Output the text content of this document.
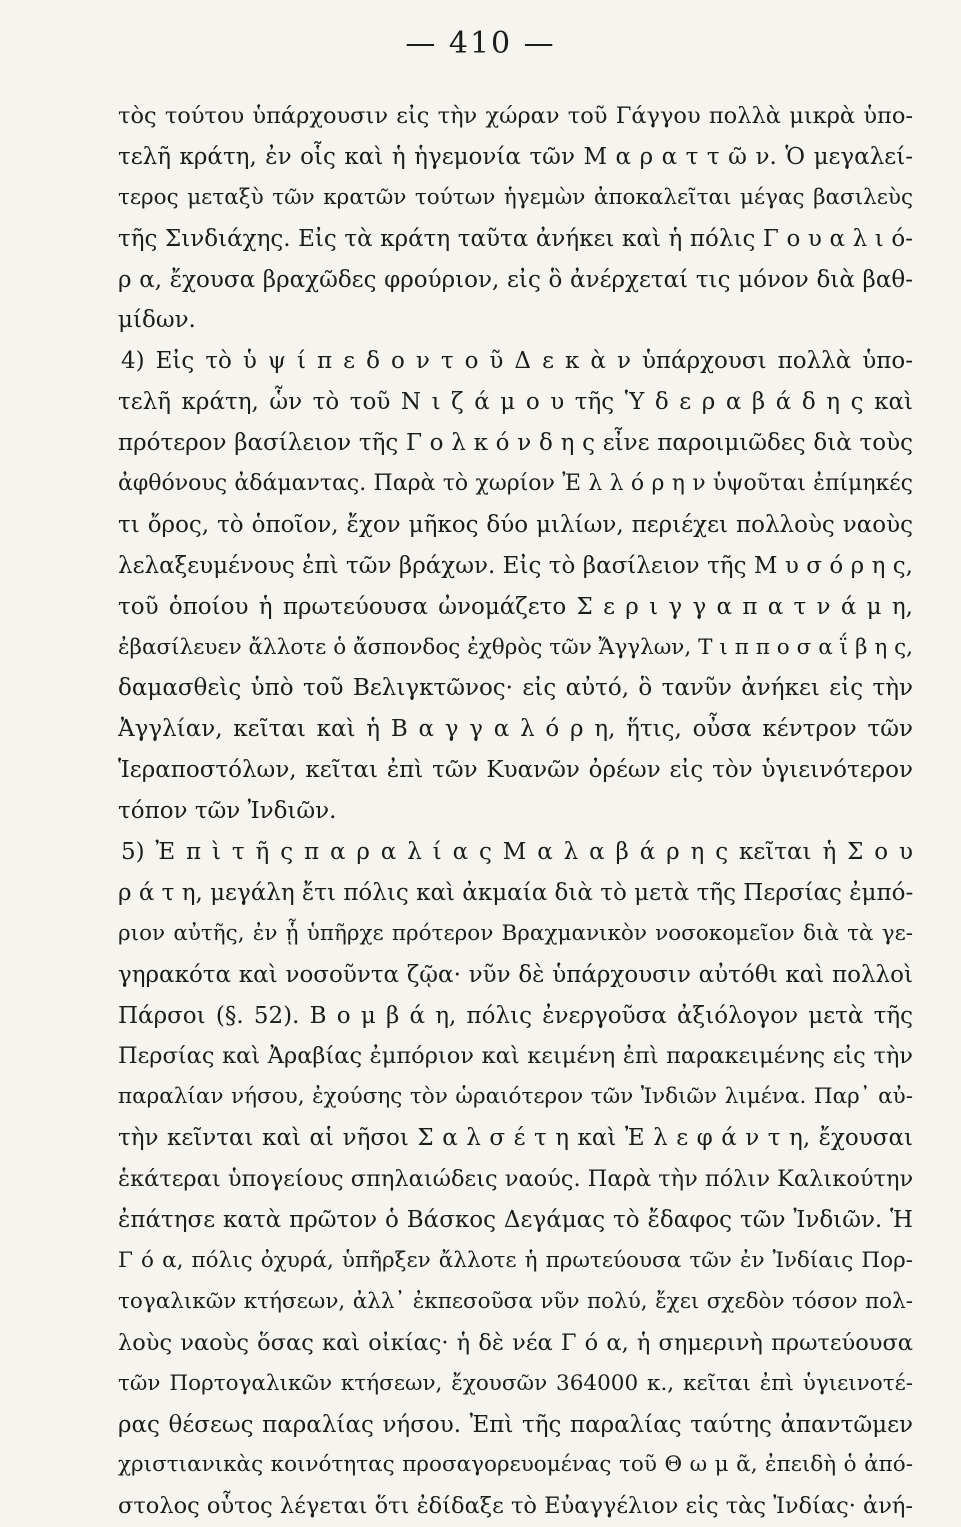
— 410 —
τὸς τούτου ὑπάρχουσιν εἰς τὴν χώραν τοῦ Γάγγου πολλὰ μικρὰ ὑπο-
τελῆ κράτη, ἐν οἷς καὶ ἡ ἡγεμονία τῶν Μ α ρ α τ τ ῶ ν. Ὁ μεγαλεί-
τερος μεταξὺ τῶν κρατῶν τούτων ἡγεμὼν ἀποκαλεῖται μέγας βασιλεὺς
τῆς Σινδιάχης. Εἰς τὰ κράτη ταῦτα ἀνήκει καὶ ἡ πόλις Γ ο υ α λ ι ό-
ρ α, ἔχουσα βραχῶδες φρούριον, εἰς ὃ ἀνέρχεταί τις μόνον διὰ βαθ-
μίδων.
4) Εἰς τὸ ὑ ψ ί π ε δ ο ν τ ο ῦ Δ ε κ ὰ ν ὑπάρχουσι πολλὰ ὑπο-
τελῆ κράτη, ὧν τὸ τοῦ Ν ι ζ ά μ ο υ τῆς Ὑ δ ε ρ α β ά δ η ς καὶ
πρότερον βασίλειον τῆς Γ ο λ κ ό ν δ η ς εἶνε παροιμιῶδες διὰ τοὺς
ἀφθόνους ἀδάμαντας. Παρὰ τὸ χωρίον Ἐ λ λ ό ρ η ν ὑψοῦται ἐπίμηκές
τι ὄρος, τὸ ὁποῖον, ἔχον μῆκος δύο μιλίων, περιέχει πολλοὺς ναοὺς
λελαξευμένους ἐπὶ τῶν βράχων. Εἰς τὸ βασίλειον τῆς Μ υ σ ό ρ η ς,
τοῦ ὁποίου ἡ πρωτεύουσα ὠνομάζετο Σ ε ρ ι γ γ α π α τ ν ά μ η,
ἐβασίλευεν ἄλλοτε ὁ ἄσπονδος ἐχθρὸς τῶν Ἄγγλων, Τ ι π π ο σ α ΐ β η ς,
δαμασθεὶς ὑπὸ τοῦ Βελιγκτῶνος· εἰς αὐτό, ὃ τανῦν ἀνήκει εἰς τὴν
Ἀγγλίαν, κεῖται καὶ ἡ Β α γ γ α λ ό ρ η, ἥτις, οὖσα κέντρον τῶν
Ἱεραποστόλων, κεῖται ἐπὶ τῶν Κυανῶν ὀρέων εἰς τὸν ὑγιεινότερον
τόπον τῶν Ἰνδιῶν.
5) Ἐ π ὶ τ ῆ ς π α ρ α λ ί α ς Μ α λ α β ά ρ η ς κεῖται ἡ Σ ο υ
ρ ά τ η, μεγάλη ἔτι πόλις καὶ ἀκμαία διὰ τὸ μετὰ τῆς Περσίας ἐμπό-
ριον αὐτῆς, ἐν ᾗ ὑπῆρχε πρότερον Βραχμανικὸν νοσοκομεῖον διὰ τὰ γε-
γηρακότα καὶ νοσοῦντα ζῷα· νῦν δὲ ὑπάρχουσιν αὐτόθι καὶ πολλοὶ
Πάρσοι (§. 52). Β ο μ β ά η, πόλις ἐνεργοῦσα ἀξιόλογον μετὰ τῆς
Περσίας καὶ Ἀραβίας ἐμπόριον καὶ κειμένη ἐπὶ παρακειμένης εἰς τὴν
παραλίαν νήσου, ἐχούσης τὸν ὡραιότερον τῶν Ἰνδιῶν λιμένα. Παρ᾽ αὐ-
τὴν κεῖνται καὶ αἱ νῆσοι Σ α λ σ έ τ η καὶ Ἐ λ ε φ ά ν τ η, ἔχουσαι
ἑκάτεραι ὑπογείους σπηλαιώδεις ναούς. Παρὰ τὴν πόλιν Καλικούτην
ἐπάτησε κατὰ πρῶτον ὁ Βάσκος Δεγάμας τὸ ἔδαφος τῶν Ἰνδιῶν. Ἡ
Γ ό α, πόλις ὀχυρά, ὑπῆρξεν ἄλλοτε ἡ πρωτεύουσα τῶν ἐν Ἰνδίαις Πορ-
τογαλικῶν κτήσεων, ἀλλ᾽ ἐκπεσοῦσα νῦν πολύ, ἔχει σχεδὸν τόσον πολ-
λοὺς ναοὺς ὅσας καὶ οἰκίας· ἡ δὲ νέα Γ ό α, ἡ σημερινὴ πρωτεύουσα
τῶν Πορτογαλικῶν κτήσεων, ἔχουσῶν 364000 κ., κεῖται ἐπὶ ὑγιεινοτέ-
ρας θέσεως παραλίας νήσου. Ἐπὶ τῆς παραλίας ταύτης ἀπαντῶμεν
χριστιανικὰς κοινότητας προσαγορευομένας τοῦ Θ ω μ ᾶ, ἐπειδὴ ὁ ἀπό-
στολος οὗτος λέγεται ὅτι ἐδίδαξε τὸ Εὐαγγέλιον εἰς τὰς Ἰνδίας· ἀνή-
